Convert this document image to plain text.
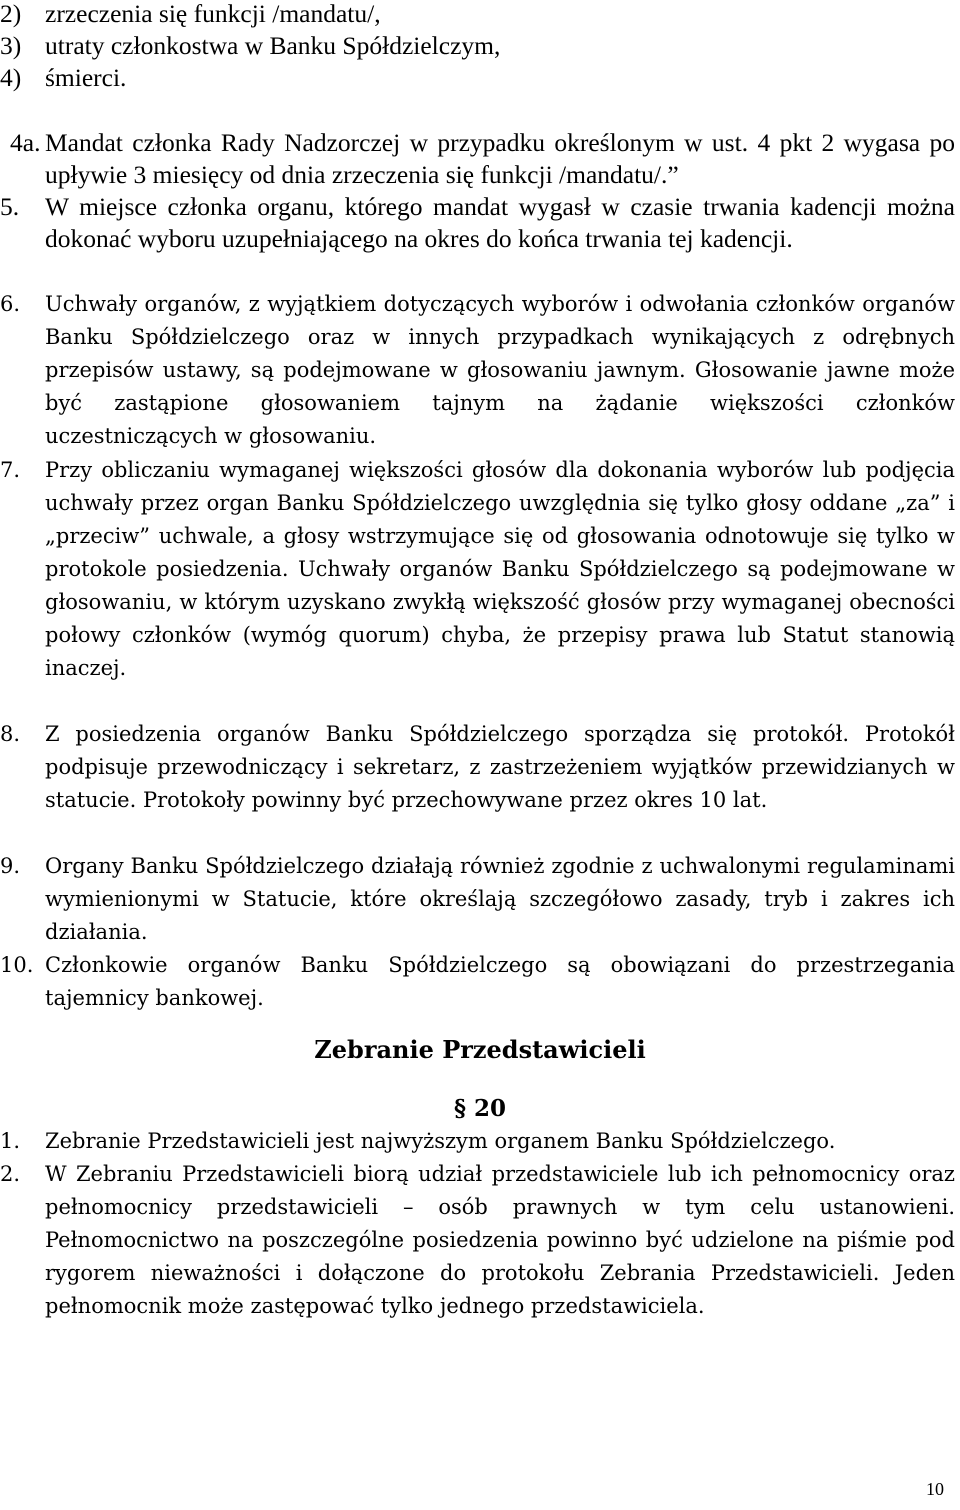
2) zrzeczenia się funkcji /mandatu/,
3) utraty członkostwa w Banku Spółdzielczym,
4) śmierci.
4a. Mandat członka Rady Nadzorczej w przypadku określonym w ust. 4 pkt 2 wygasa po upływie 3 miesięcy od dnia zrzeczenia się funkcji /mandatu/.”
5. W miejsce członka organu, którego mandat wygasł w czasie trwania kadencji można dokonać wyboru uzupełniającego na okres do końca trwania tej kadencji.
6. Uchwały organów, z wyjątkiem dotyczących wyborów i odwołania członków organów Banku Spółdzielczego oraz w innych przypadkach wynikających z odrębnych przepisów ustawy, są podejmowane w głosowaniu jawnym. Głosowanie jawne może być zastąpione głosowaniem tajnym na żądanie większości członków uczestniczących w głosowaniu.
7. Przy obliczaniu wymaganej większości głosów dla dokonania wyborów lub podjęcia uchwały przez organ Banku Spółdzielczego uwzględnia się tylko głosy oddane „za” i „przeciw” uchwale, a głosy wstrzymujące się od głosowania odnotowuje się tylko w protokole posiedzenia. Uchwały organów Banku Spółdzielczego są podejmowane w głosowaniu, w którym uzyskano zwykłą większość głosów przy wymaganej obecności połowy członków (wymóg quorum) chyba, że przepisy prawa lub Statut stanowią inaczej.
8. Z posiedzenia organów Banku Spółdzielczego sporządza się protokół. Protokół podpisuje przewodniczący i sekretarz, z zastrzeżeniem wyjątków przewidzianych w statucie. Protokoły powinny być przechowywane przez okres 10 lat.
9. Organy Banku Spółdzielczego działają również zgodnie z uchwalonymi regulaminami wymienionymi w Statucie, które określają szczegółowo zasady, tryb i zakres ich działania.
10. Członkowie organów Banku Spółdzielczego są obowiązani do przestrzegania tajemnicy bankowej.
Zebranie Przedstawicieli
§ 20
1. Zebranie Przedstawicieli jest najwyższym organem Banku Spółdzielczego.
2. W Zebraniu Przedstawicieli biorą udział przedstawiciele lub ich pełnomocnicy oraz pełnomocnicy przedstawicieli – osób prawnych w tym celu ustanowieni. Pełnomocnictwo na poszczególne posiedzenia powinno być udzielone na piśmie pod rygorem nieważności i dołączone do protokołu Zebrania Przedstawicieli. Jeden pełnomocnik może zastępować tylko jednego przedstawiciela.
10
